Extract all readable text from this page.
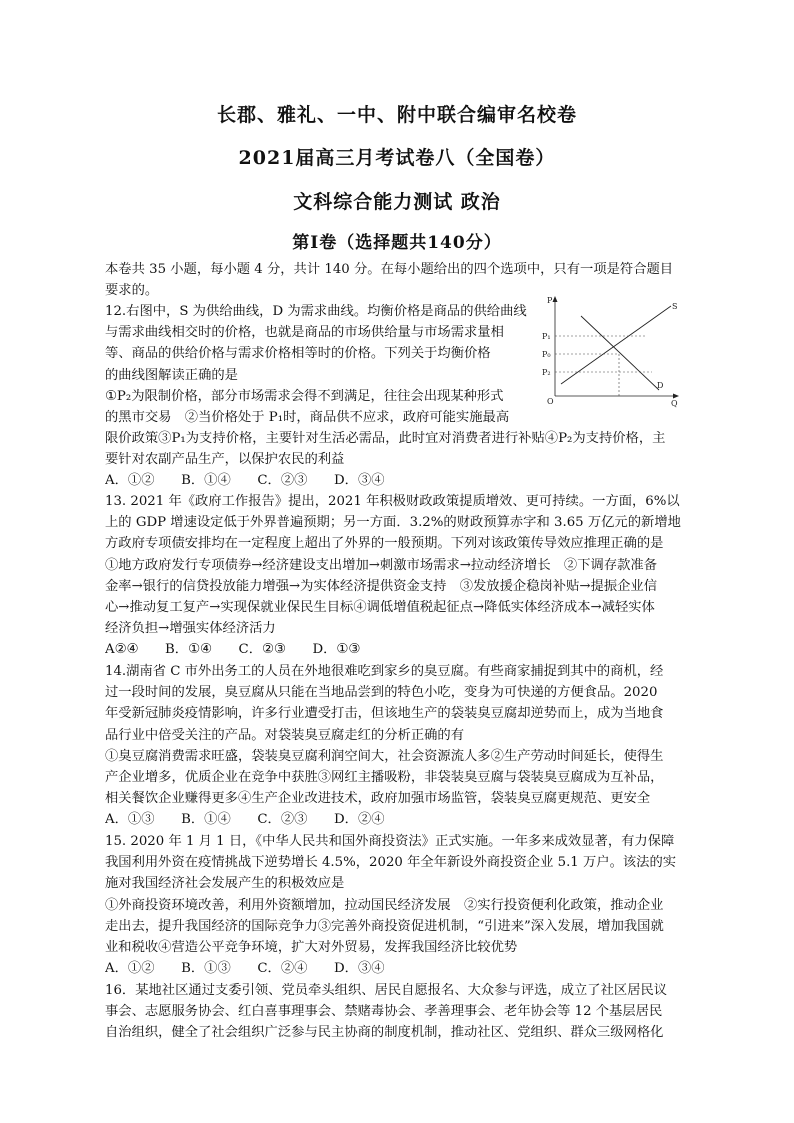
长郡、雅礼、一中、附中联合编审名校卷
2021届高三月考试卷八（全国卷）
文科综合能力测试 政治
第Ⅰ卷（选择题共140分）
本卷共 35 小题，每小题 4 分，共计 140 分。在每小题给出的四个选项中，只有一项是符合题目
要求的。
12.右图中，S 为供给曲线，D 为需求曲线。均衡价格是商品的供给曲线
与需求曲线相交时的价格，也就是商品的市场供给量与市场需求量相
等、商品的供给价格与需求价格相等时的价格。下列关于均衡价格
的曲线图解读正确的是
①P₂为限制价格，部分市场需求会得不到满足，往往会出现某种形式
的黑市交易　②当价格处于 P₁时，商品供不应求，政府可能实施最高
P
Q
O
S
D
P₁
P₀
P₂
限价政策③P₁为支持价格，主要针对生活必需品，此时宜对消费者进行补贴④P₂为支持价格，主
要针对农副产品生产，以保护农民的利益
A．①②　　B．①④　　C．②③　　D．③④
13. 2021 年《政府工作报告》提出，2021 年积极财政政策提质增效、更可持续。一方面，6%以
上的 GDP 增速设定低于外界普遍预期；另一方面．3.2%的财政预算赤字和 3.65 万亿元的新增地
方政府专项债安排均在一定程度上超出了外界的一般预期。下列对该政策传导效应推理正确的是
①地方政府发行专项债券→经济建设支出增加→刺激市场需求→拉动经济增长　②下调存款准备
金率→银行的信贷投放能力增强→为实体经济提供资金支持　③发放援企稳岗补贴→提振企业信
心→推动复工复产→实现保就业保民生目标④调低增值税起征点→降低实体经济成本→减轻实体
经济负担→增强实体经济活力
A②④　　B．①④　　C．②③　　D．①③
14.湖南省 C 市外出务工的人员在外地很难吃到家乡的臭豆腐。有些商家捕捉到其中的商机，经
过一段时间的发展，臭豆腐从只能在当地品尝到的特色小吃，变身为可快递的方便食品。2020
年受新冠肺炎疫情影响，许多行业遭受打击，但该地生产的袋装臭豆腐却逆势而上，成为当地食
品行业中倍受关注的产品。对袋装臭豆腐走红的分析正确的有
①臭豆腐消费需求旺盛，袋装臭豆腐利润空间大，社会资源流人多②生产劳动时间延长，使得生
产企业增多，优质企业在竞争中获胜③网红主播吸粉，非袋装臭豆腐与袋装臭豆腐成为互补品，
相关餐饮企业赚得更多④生产企业改进技术，政府加强市场监管，袋装臭豆腐更规范、更安全
A．①③　　B．①④　　C．②③　　D．②④
15. 2020 年 1 月 1 日，《中华人民共和国外商投资法》正式实施。一年多来成效显著，有力保障
我国利用外资在疫情挑战下逆势增长 4.5%，2020 年全年新设外商投资企业 5.1 万户。该法的实
施对我国经济社会发展产生的积极效应是
①外商投资环境改善，利用外资额增加，拉动国民经济发展　②实行投资便利化政策，推动企业
走出去，提升我国经济的国际竞争力③完善外商投资促进机制，“引进来”深入发展，增加我国就
业和税收④营造公平竞争环境，扩大对外贸易，发挥我国经济比较优势
A．①②　　B．①③　　C．②④　　D．③④
16．某地社区通过支委引领、党员牵头组织、居民自愿报名、大众参与评选，成立了社区居民议
事会、志愿服务协会、红白喜事理事会、禁赌毒协会、孝善理事会、老年协会等 12 个基层居民
自治组织，健全了社会组织广泛参与民主协商的制度机制，推动社区、党组织、群众三级网格化
